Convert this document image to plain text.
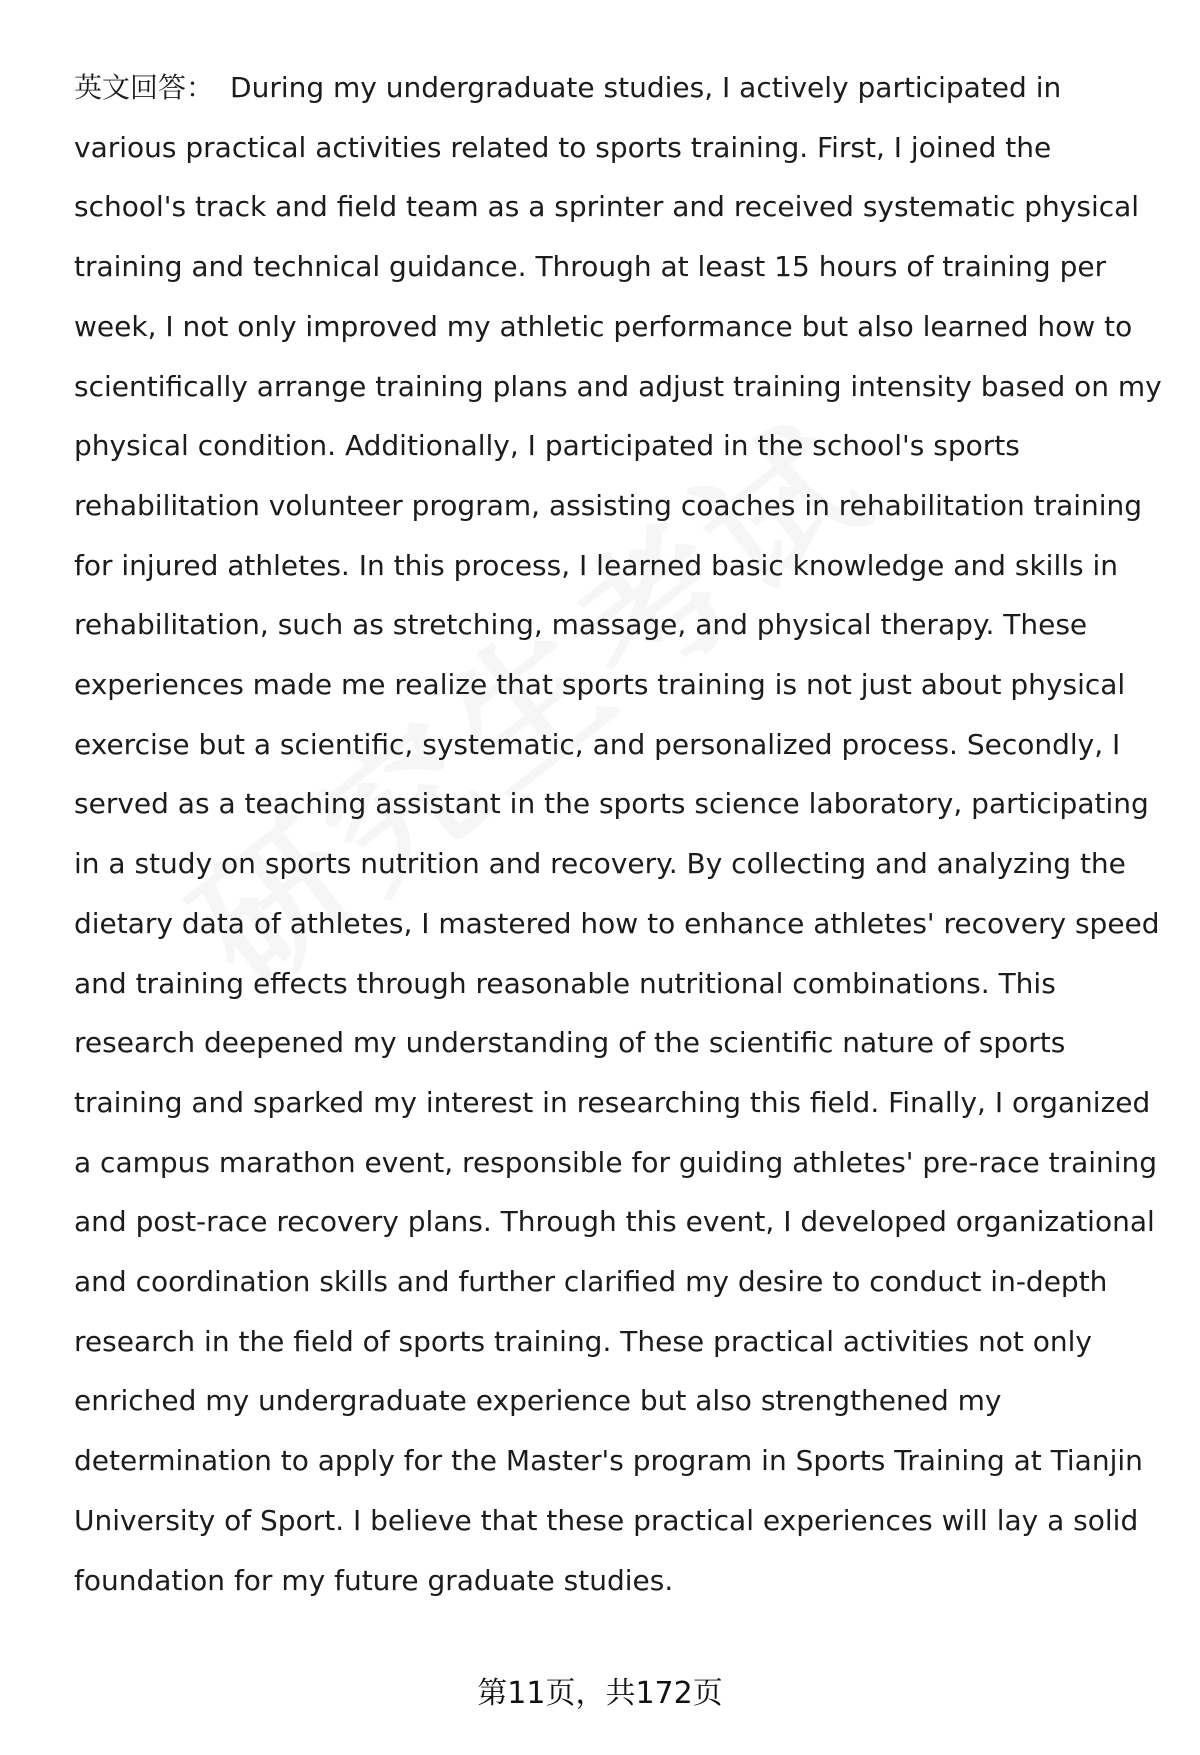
英文回答： During my undergraduate studies, I actively participated in various practical activities related to sports training. First, I joined the school's track and field team as a sprinter and received systematic physical training and technical guidance. Through at least 15 hours of training per week, I not only improved my athletic performance but also learned how to scientifically arrange training plans and adjust training intensity based on my physical condition. Additionally, I participated in the school's sports rehabilitation volunteer program, assisting coaches in rehabilitation training for injured athletes. In this process, I learned basic knowledge and skills in rehabilitation, such as stretching, massage, and physical therapy. These experiences made me realize that sports training is not just about physical exercise but a scientific, systematic, and personalized process. Secondly, I served as a teaching assistant in the sports science laboratory, participating in a study on sports nutrition and recovery. By collecting and analyzing the dietary data of athletes, I mastered how to enhance athletes' recovery speed and training effects through reasonable nutritional combinations. This research deepened my understanding of the scientific nature of sports training and sparked my interest in researching this field. Finally, I organized a campus marathon event, responsible for guiding athletes' pre-race training and post-race recovery plans. Through this event, I developed organizational and coordination skills and further clarified my desire to conduct in-depth research in the field of sports training. These practical activities not only enriched my undergraduate experience but also strengthened my determination to apply for the Master's program in Sports Training at Tianjin University of Sport. I believe that these practical experiences will lay a solid foundation for my future graduate studies.

第11页，共172页
